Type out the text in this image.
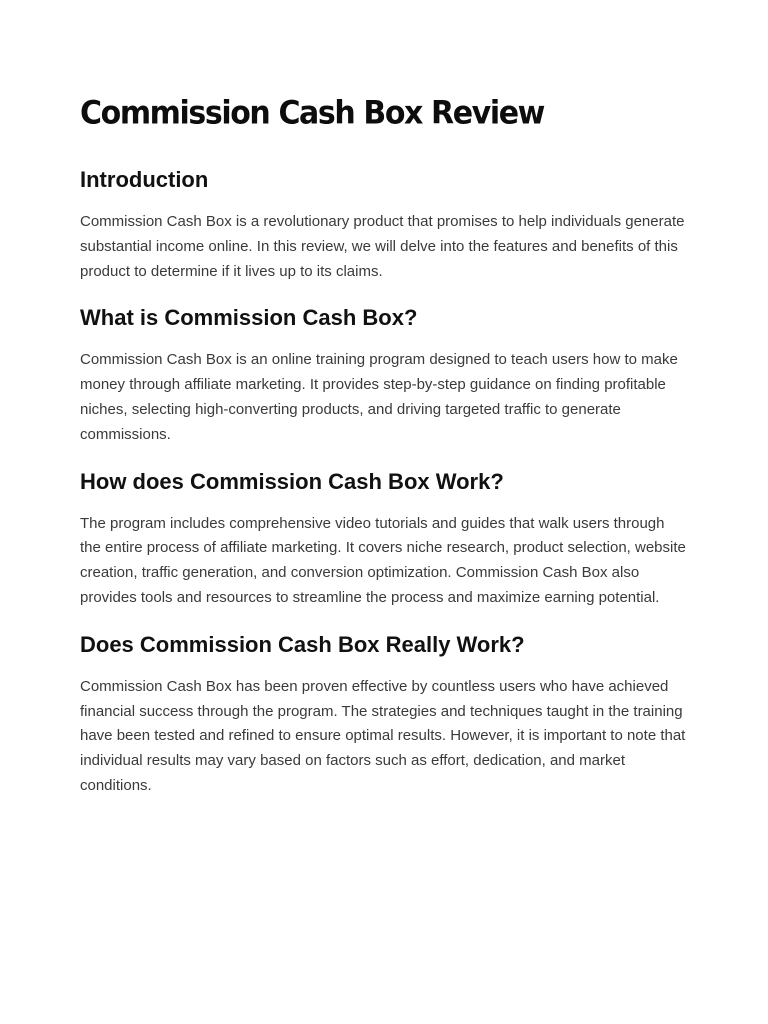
Commission Cash Box Review
Introduction

Commission Cash Box is a revolutionary product that promises to help individuals generate substantial income online. In this review, we will delve into the features and benefits of this product to determine if it lives up to its claims.

What is Commission Cash Box?

Commission Cash Box is an online training program designed to teach users how to make money through affiliate marketing. It provides step-by-step guidance on finding profitable niches, selecting high-converting products, and driving targeted traffic to generate commissions.

How does Commission Cash Box Work?

The program includes comprehensive video tutorials and guides that walk users through the entire process of affiliate marketing. It covers niche research, product selection, website creation, traffic generation, and conversion optimization. Commission Cash Box also provides tools and resources to streamline the process and maximize earning potential.

Does Commission Cash Box Really Work?

Commission Cash Box has been proven effective by countless users who have achieved financial success through the program. The strategies and techniques taught in the training have been tested and refined to ensure optimal results. However, it is important to note that individual results may vary based on factors such as effort, dedication, and market conditions.
